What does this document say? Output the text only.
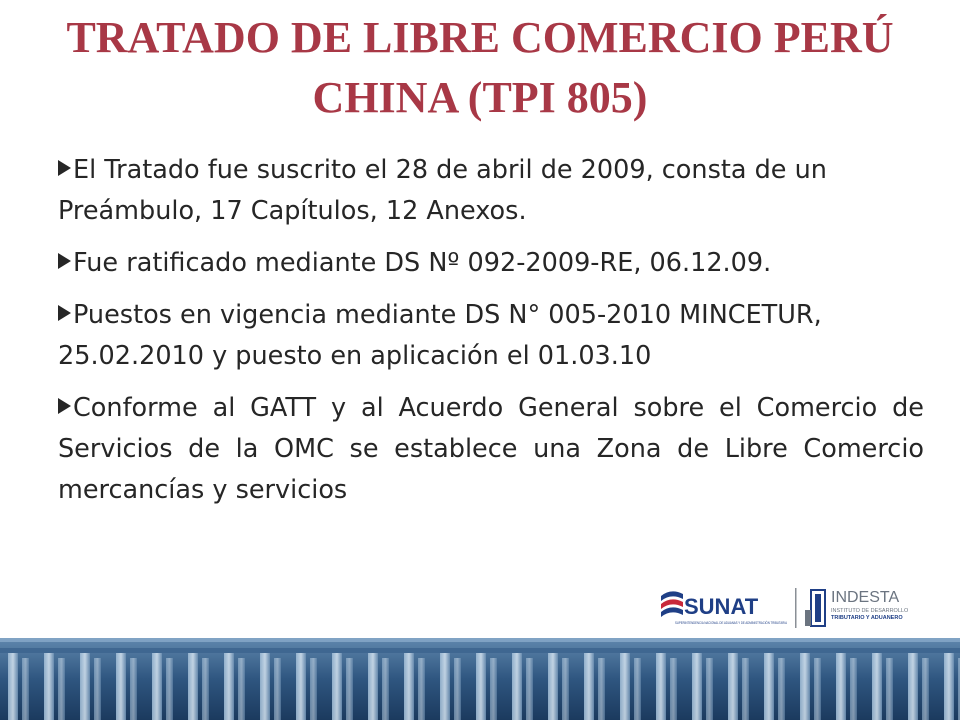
TRATADO DE LIBRE COMERCIO PERÚ
CHINA (TPI 805)
El Tratado fue suscrito el 28 de abril de 2009, consta de un Preámbulo, 17 Capítulos, 12 Anexos.
Fue ratificado mediante DS Nº 092-2009-RE, 06.12.09.
Puestos en vigencia mediante DS N° 005-2010 MINCETUR, 25.02.2010 y puesto en aplicación el 01.03.10
Conforme al GATT y al Acuerdo General sobre el Comercio de Servicios de la OMC se establece una Zona de Libre Comercio mercancías y servicios
SUNAT
SUPERINTENDENCIA NACIONAL DE ADUANAS Y DE ADMINISTRACIÓN TRIBUTARIA
INDESTA
INSTITUTO DE DESARROLLO
TRIBUTARIO Y ADUANERO
